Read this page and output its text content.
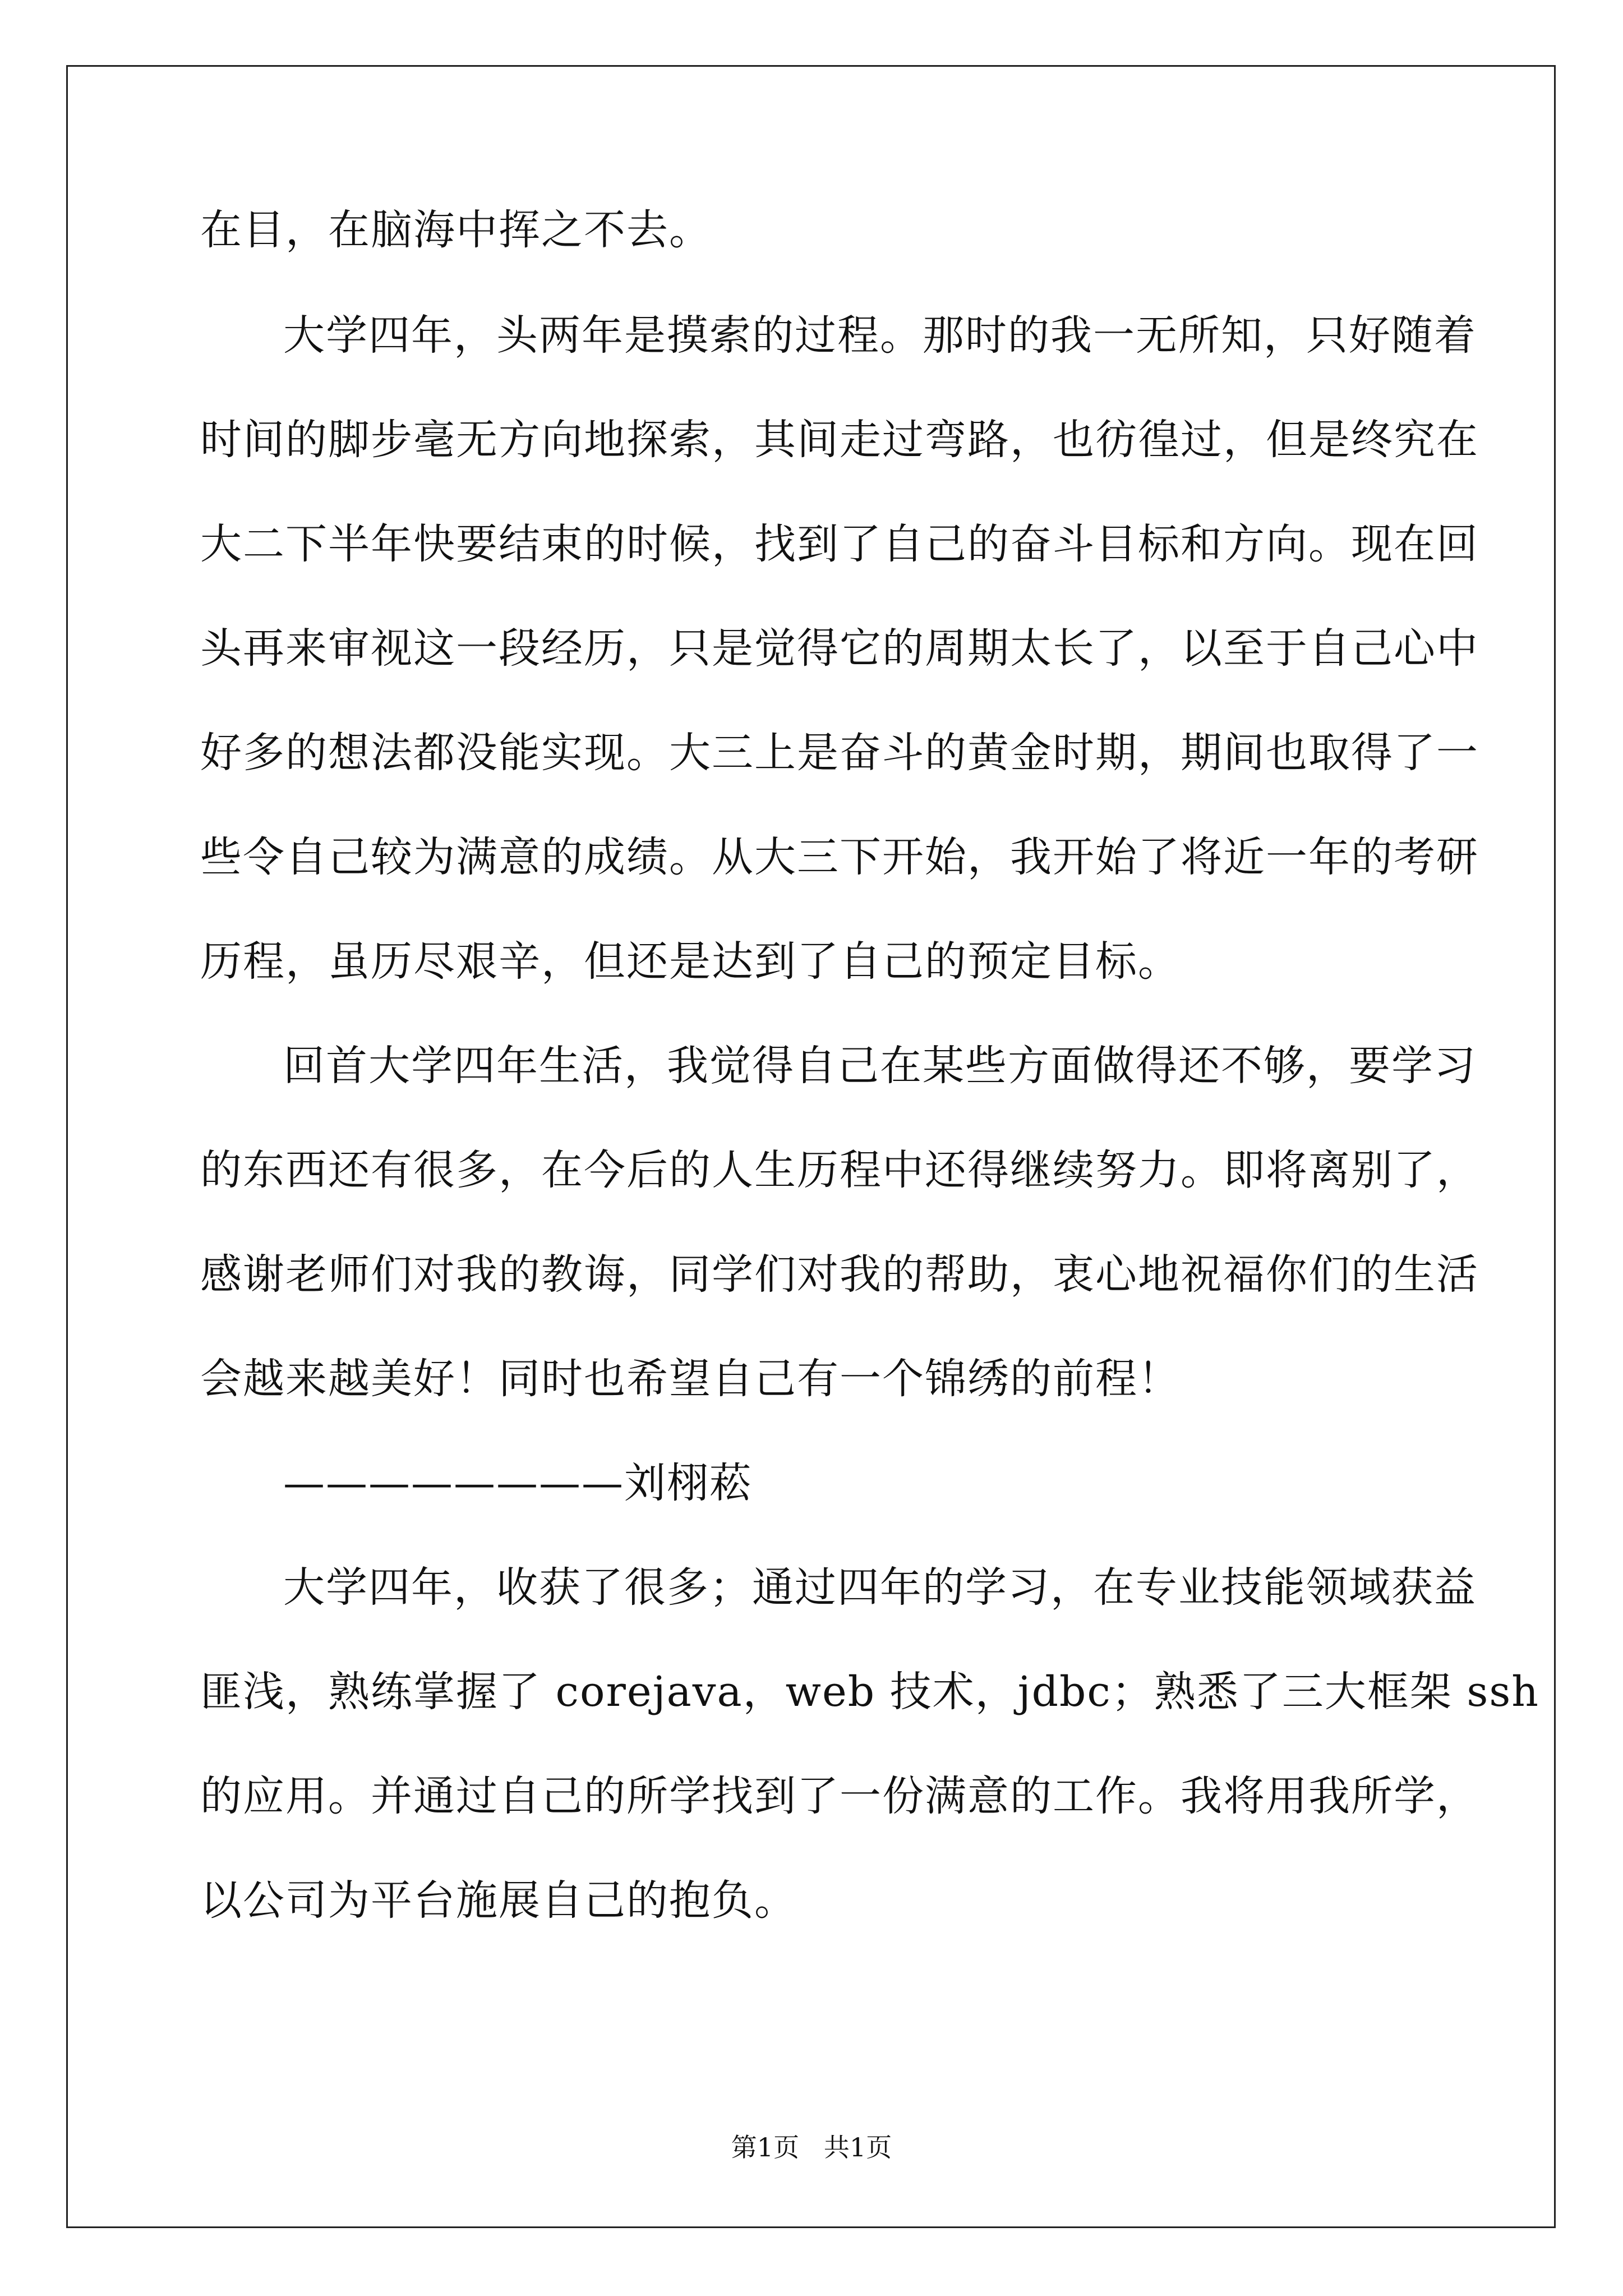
在目，在脑海中挥之不去。
大学四年，头两年是摸索的过程。那时的我一无所知，只好随着
时间的脚步毫无方向地探索，其间走过弯路，也彷徨过，但是终究在
大二下半年快要结束的时候，找到了自己的奋斗目标和方向。现在回
头再来审视这一段经历，只是觉得它的周期太长了，以至于自己心中
好多的想法都没能实现。大三上是奋斗的黄金时期，期间也取得了一
些令自己较为满意的成绩。从大三下开始，我开始了将近一年的考研
历程，虽历尽艰辛，但还是达到了自己的预定目标。
回首大学四年生活，我觉得自己在某些方面做得还不够，要学习
的东西还有很多，在今后的人生历程中还得继续努力。即将离别了，
感谢老师们对我的教诲，同学们对我的帮助，衷心地祝福你们的生活
会越来越美好！同时也希望自己有一个锦绣的前程！
————————刘栩菘
大学四年，收获了很多；通过四年的学习，在专业技能领域获益
匪浅，熟练掌握了 corejava，web 技术，jdbc；熟悉了三大框架 ssh
的应用。并通过自己的所学找到了一份满意的工作。我将用我所学，
以公司为平台施展自己的抱负。
第1页   共1页
